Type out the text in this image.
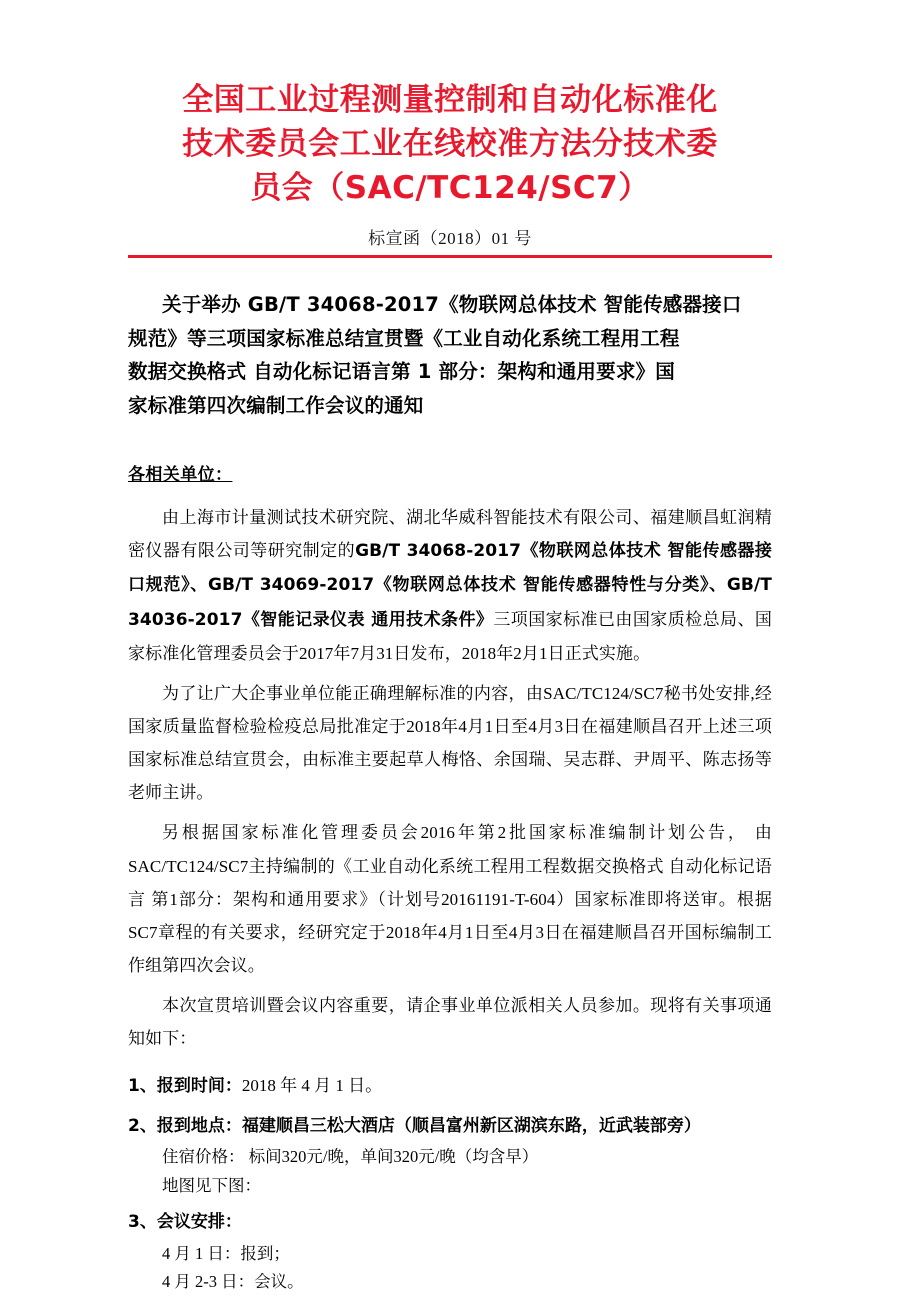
全国工业过程测量控制和自动化标准化
技术委员会工业在线校准方法分技术委
员会（SAC/TC124/SC7）
标宣函（2018）01 号
关于举办 GB/T 34068-2017《物联网总体技术 智能传感器接口
规范》等三项国家标准总结宣贯暨《工业自动化系统工程用工程
数据交换格式 自动化标记语言第 1 部分：架构和通用要求》国
家标准第四次编制工作会议的通知
各相关单位：

由上海市计量测试技术研究院、湖北华威科智能技术有限公司、福建顺昌虹润精密仪器有限公司等研究制定的GB/T 34068-2017《物联网总体技术 智能传感器接口规范》、GB/T 34069-2017《物联网总体技术 智能传感器特性与分类》、GB/T 34036-2017《智能记录仪表 通用技术条件》三项国家标准已由国家质检总局、国家标准化管理委员会于2017年7月31日发布，2018年2月1日正式实施。

为了让广大企事业单位能正确理解标准的内容，由SAC/TC124/SC7秘书处安排,经国家质量监督检验检疫总局批准定于2018年4月1日至4月3日在福建顺昌召开上述三项国家标准总结宣贯会，由标准主要起草人梅恪、余国瑞、吴志群、尹周平、陈志扬等老师主讲。

另根据国家标准化管理委员会2016年第2批国家标准编制计划公告， 由SAC/TC124/SC7主持编制的《工业自动化系统工程用工程数据交换格式 自动化标记语言 第1部分：架构和通用要求》（计划号20161191-T-604）国家标准即将送审。根据SC7章程的有关要求，经研究定于2018年4月1日至4月3日在福建顺昌召开国标编制工作组第四次会议。

本次宣贯培训暨会议内容重要，请企事业单位派相关人员参加。现将有关事项通知如下：

1、报到时间：2018 年 4 月 1 日。
2、报到地点：福建顺昌三松大酒店（顺昌富州新区湖滨东路，近武装部旁）
住宿价格： 标间320元/晚，单间320元/晚（均含早）
地图见下图：
3、会议安排：
4 月 1 日：报到；
4 月 2-3 日：会议。
